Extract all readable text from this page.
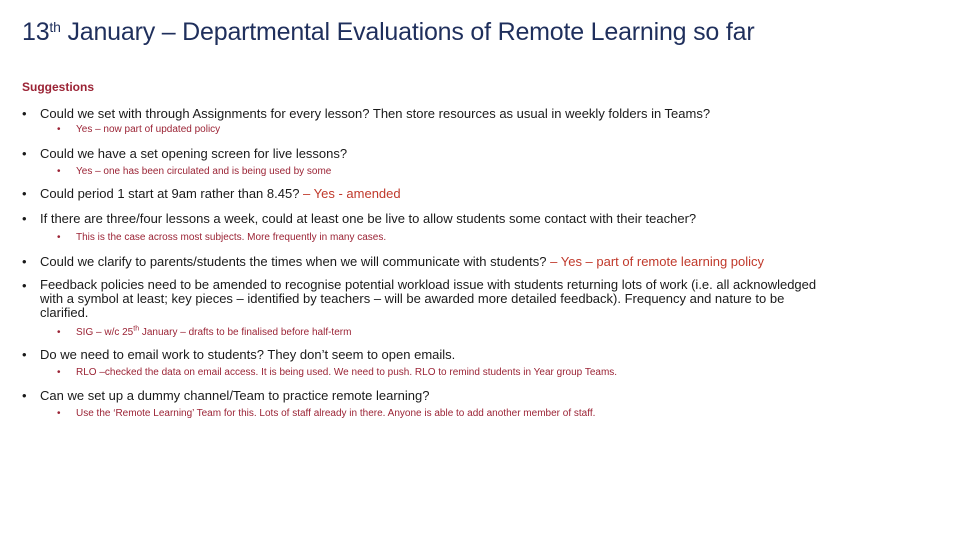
13th January – Departmental Evaluations of Remote Learning so far
Suggestions
• Could we set with through Assignments for every lesson? Then store resources as usual in weekly folders in Teams?
• Yes – now part of updated policy
• Could we have a set opening screen for live lessons?
• Yes – one has been circulated and is being used by some
• Could period 1 start at 9am rather than 8.45? – Yes - amended
• If there are three/four lessons a week, could at least one be live to allow students some contact with their teacher?
• This is the case across most subjects. More frequently in many cases.
• Could we clarify to parents/students the times when we will communicate with students? – Yes – part of remote learning policy
•	Feedback policies need to be amended to recognise potential workload issue with students returning lots of work (i.e. all acknowledged with a symbol at least; key pieces – identified by teachers – will be awarded more detailed feedback). Frequency and nature to be clarified.
• SIG – w/c 25th January – drafts to be finalised before half-term
• Do we need to email work to students? They don’t seem to open emails.
• RLO –checked the data on email access. It is being used. We need to push. RLO to remind students in Year group Teams.
•Can we set up a dummy channel/Team to practice remote learning?
• Use the ‘Remote Learning’ Team for this. Lots of staff already in there. Anyone is able to add another member of staff.
